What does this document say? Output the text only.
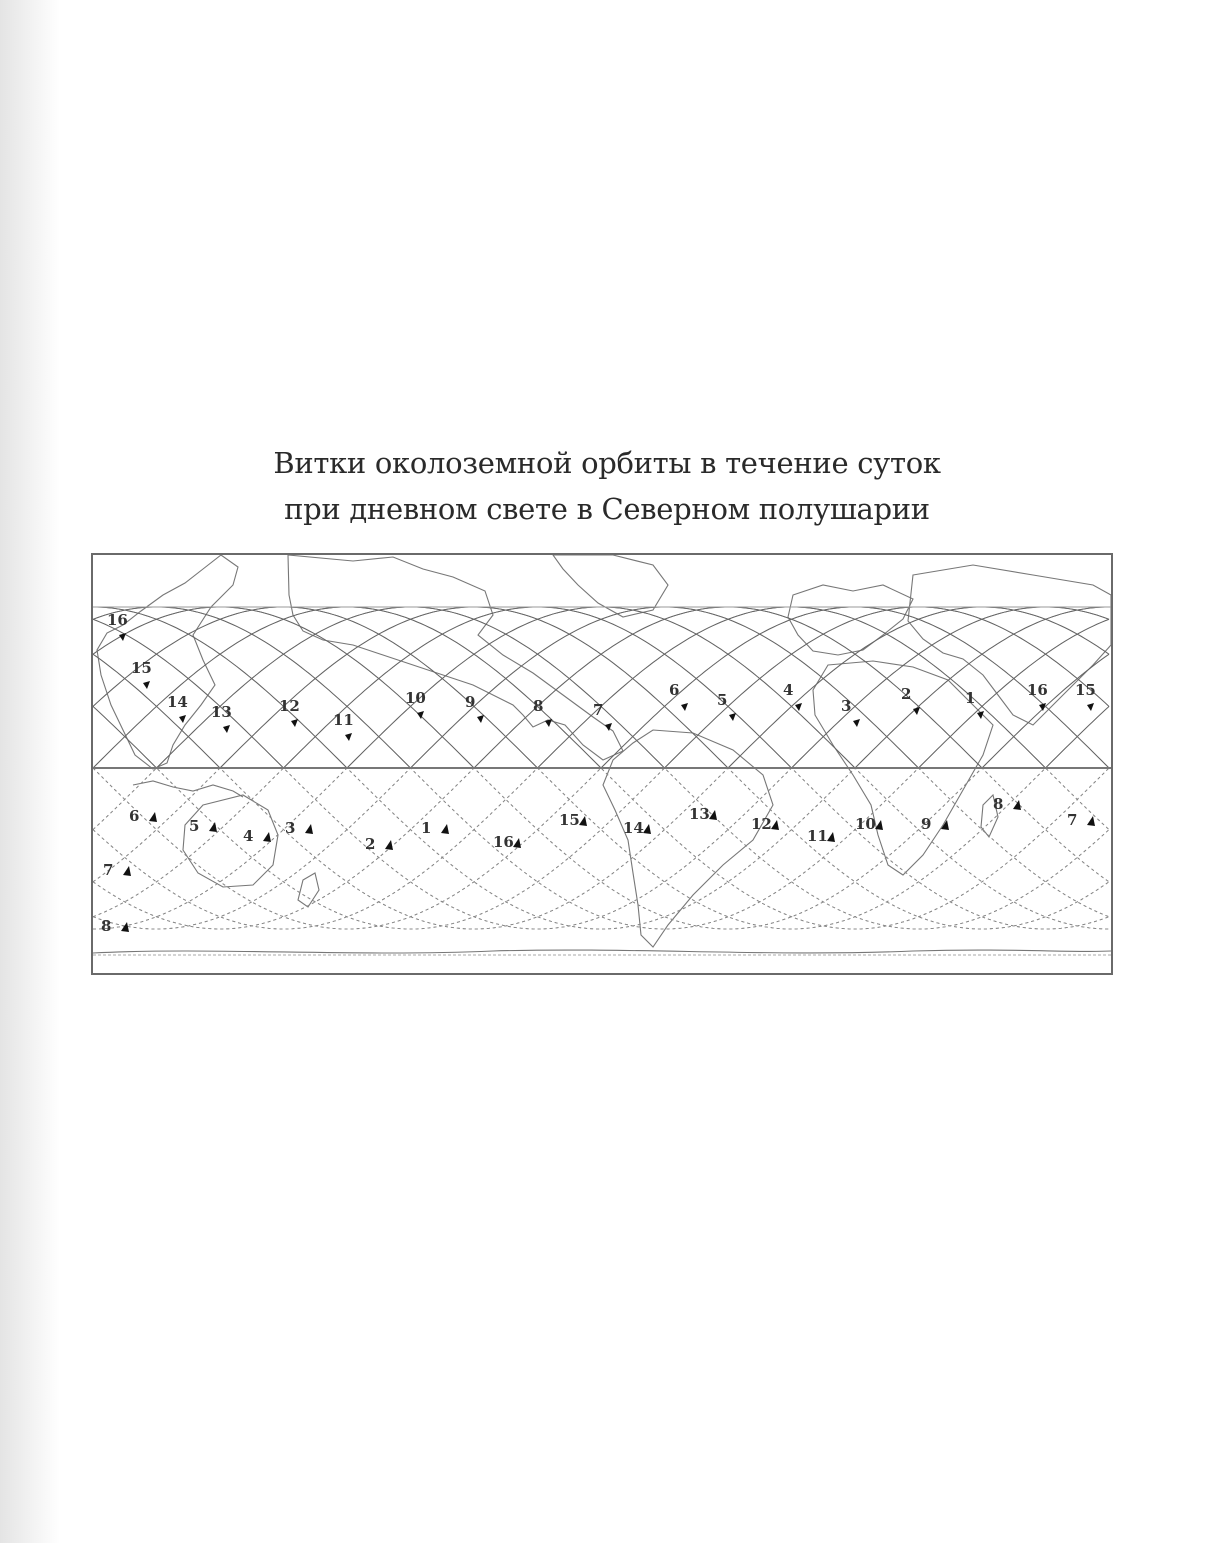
Витки околоземной орбиты в течение суток
при дневном свете в Северном полушарии
16
15
14
13	12
11
10	9	8	7
6
5
4
3
2	1	16 15
6
5
4 3
2
1
16
15	14
13
12
11
10	9
8
7
7
8
